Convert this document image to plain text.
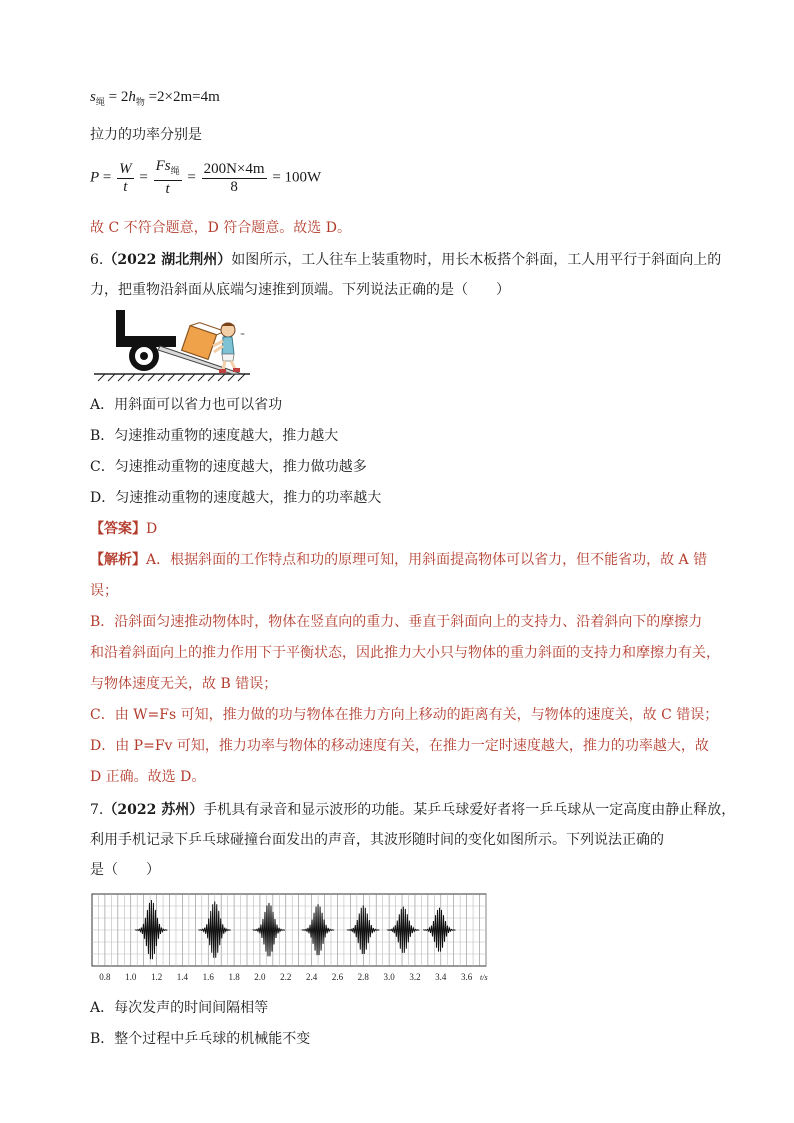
$s_绳 = 2h_物 =2\times 2m=4m$
拉力的功率分别是
$P = \frac{W}{t} = \frac{Fs_绳}{t} = \frac{200N\times 4m}{8} = 100W$
故 C 不符合题意，D 符合题意。故选 D。
6.（2022 湖北荆州）如图所示，工人往车上装重物时，用长木板搭个斜面，工人用平行于斜面向上的
力，把重物沿斜面从底端匀速推到顶端。下列说法正确的是（　　）
≈
A．用斜面可以省力也可以省功
B．匀速推动重物的速度越大，推力越大
C．匀速推动重物的速度越大，推力做功越多
D．匀速推动重物的速度越大，推力的功率越大
【答案】D
【解析】A．根据斜面的工作特点和功的原理可知，用斜面提高物体可以省力，但不能省功，故 A 错
误；
B．沿斜面匀速推动物体时，物体在竖直向的重力、垂直于斜面向上的支持力、沿着斜向下的摩擦力
和沿着斜面向上的推力作用下于平衡状态，因此推力大小只与物体的重力斜面的支持力和摩擦力有关，
与物体速度无关，故 B 错误；
C．由 W=Fs 可知，推力做的功与物体在推力方向上移动的距离有关，与物体的速度关，故 C 错误；
D．由 P=Fv 可知，推力功率与物体的移动速度有关，在推力一定时速度越大，推力的功率越大，故
D 正确。故选 D。
7.（2022 苏州）手机具有录音和显示波形的功能。某乒乓球爱好者将一乒乓球从一定高度由静止释放，
利用手机记录下乒乓球碰撞台面发出的声音，其波形随时间的变化如图所示。下列说法正确的
是（　　）
0.8 1.0 1.2 1.4 1.6 1.8 2.0 2.2 2.4 2.6 2.8 3.0 3.2 3.4 3.6 t/s
A．每次发声的时间间隔相等
B．整个过程中乒乓球的机械能不变
